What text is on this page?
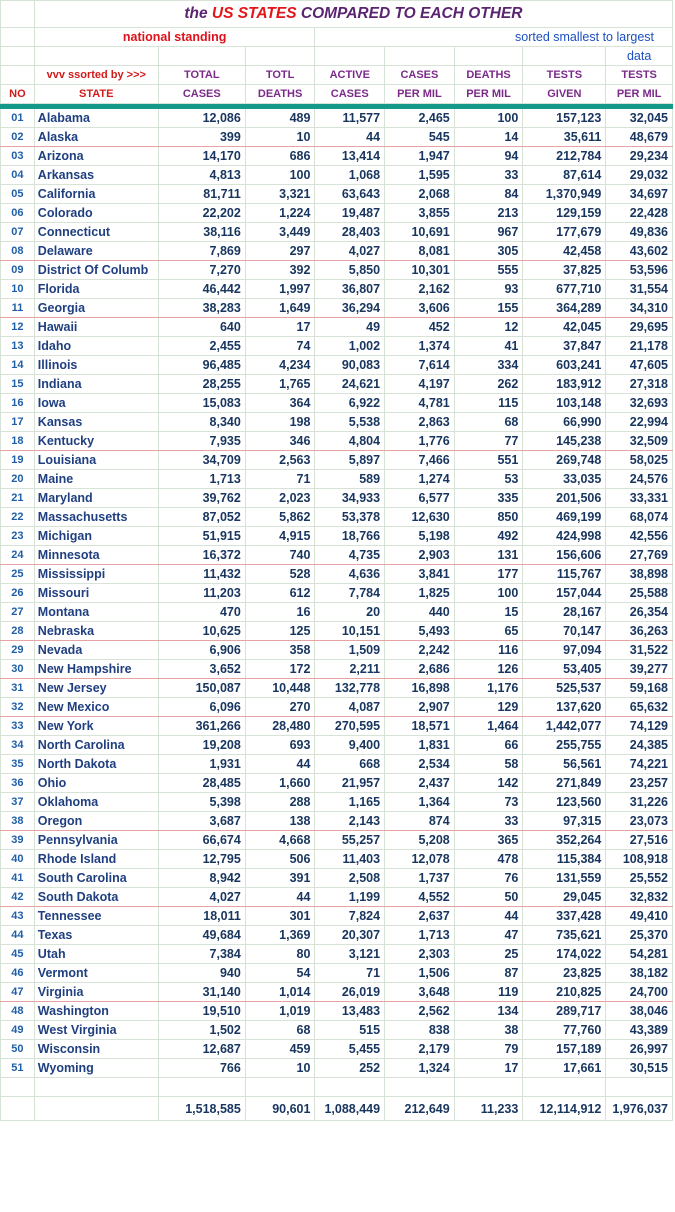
	the US STATES COMPARED TO EACH OTHER							
	national standing			sorted smallest to largest				
								data
	vvv ssorted by >>>	TOTAL	TOTL	ACTIVE	CASES	DEATHS	TESTS	TESTS
NO	STATE	CASES	DEATHS	CASES	PER MIL	PER MIL	GIVEN	PER MIL

01	Alabama	12,086	489	11,577	2,465	100	157,123	32,045
02	Alaska	399	10	44	545	14	35,611	48,679
03	Arizona	14,170	686	13,414	1,947	94	212,784	29,234
04	Arkansas	4,813	100	1,068	1,595	33	87,614	29,032
05	California	81,711	3,321	63,643	2,068	84	1,370,949	34,697
06	Colorado	22,202	1,224	19,487	3,855	213	129,159	22,428
07	Connecticut	38,116	3,449	28,403	10,691	967	177,679	49,836
08	Delaware	7,869	297	4,027	8,081	305	42,458	43,602
09	District Of Columb	7,270	392	5,850	10,301	555	37,825	53,596
10	Florida	46,442	1,997	36,807	2,162	93	677,710	31,554
11	Georgia	38,283	1,649	36,294	3,606	155	364,289	34,310
12	Hawaii	640	17	49	452	12	42,045	29,695
13	Idaho	2,455	74	1,002	1,374	41	37,847	21,178
14	Illinois	96,485	4,234	90,083	7,614	334	603,241	47,605
15	Indiana	28,255	1,765	24,621	4,197	262	183,912	27,318
16	Iowa	15,083	364	6,922	4,781	115	103,148	32,693
17	Kansas	8,340	198	5,538	2,863	68	66,990	22,994
18	Kentucky	7,935	346	4,804	1,776	77	145,238	32,509
19	Louisiana	34,709	2,563	5,897	7,466	551	269,748	58,025
20	Maine	1,713	71	589	1,274	53	33,035	24,576
21	Maryland	39,762	2,023	34,933	6,577	335	201,506	33,331
22	Massachusetts	87,052	5,862	53,378	12,630	850	469,199	68,074
23	Michigan	51,915	4,915	18,766	5,198	492	424,998	42,556
24	Minnesota	16,372	740	4,735	2,903	131	156,606	27,769
25	Mississippi	11,432	528	4,636	3,841	177	115,767	38,898
26	Missouri	11,203	612	7,784	1,825	100	157,044	25,588
27	Montana	470	16	20	440	15	28,167	26,354
28	Nebraska	10,625	125	10,151	5,493	65	70,147	36,263
29	Nevada	6,906	358	1,509	2,242	116	97,094	31,522
30	New Hampshire	3,652	172	2,211	2,686	126	53,405	39,277
31	New Jersey	150,087	10,448	132,778	16,898	1,176	525,537	59,168
32	New Mexico	6,096	270	4,087	2,907	129	137,620	65,632
33	New York	361,266	28,480	270,595	18,571	1,464	1,442,077	74,129
34	North Carolina	19,208	693	9,400	1,831	66	255,755	24,385
35	North Dakota	1,931	44	668	2,534	58	56,561	74,221
36	Ohio	28,485	1,660	21,957	2,437	142	271,849	23,257
37	Oklahoma	5,398	288	1,165	1,364	73	123,560	31,226
38	Oregon	3,687	138	2,143	874	33	97,315	23,073
39	Pennsylvania	66,674	4,668	55,257	5,208	365	352,264	27,516
40	Rhode Island	12,795	506	11,403	12,078	478	115,384	108,918
41	South Carolina	8,942	391	2,508	1,737	76	131,559	25,552
42	South Dakota	4,027	44	1,199	4,552	50	29,045	32,832
43	Tennessee	18,011	301	7,824	2,637	44	337,428	49,410
44	Texas	49,684	1,369	20,307	1,713	47	735,621	25,370
45	Utah	7,384	80	3,121	2,303	25	174,022	54,281
46	Vermont	940	54	71	1,506	87	23,825	38,182
47	Virginia	31,140	1,014	26,019	3,648	119	210,825	24,700
48	Washington	19,510	1,019	13,483	2,562	134	289,717	38,046
49	West Virginia	1,502	68	515	838	38	77,760	43,389
50	Wisconsin	12,687	459	5,455	2,179	79	157,189	26,997
51	Wyoming	766	10	252	1,324	17	17,661	30,515

		1,518,585	90,601	1,088,449	212,649	11,233	12,114,912	1,976,037
